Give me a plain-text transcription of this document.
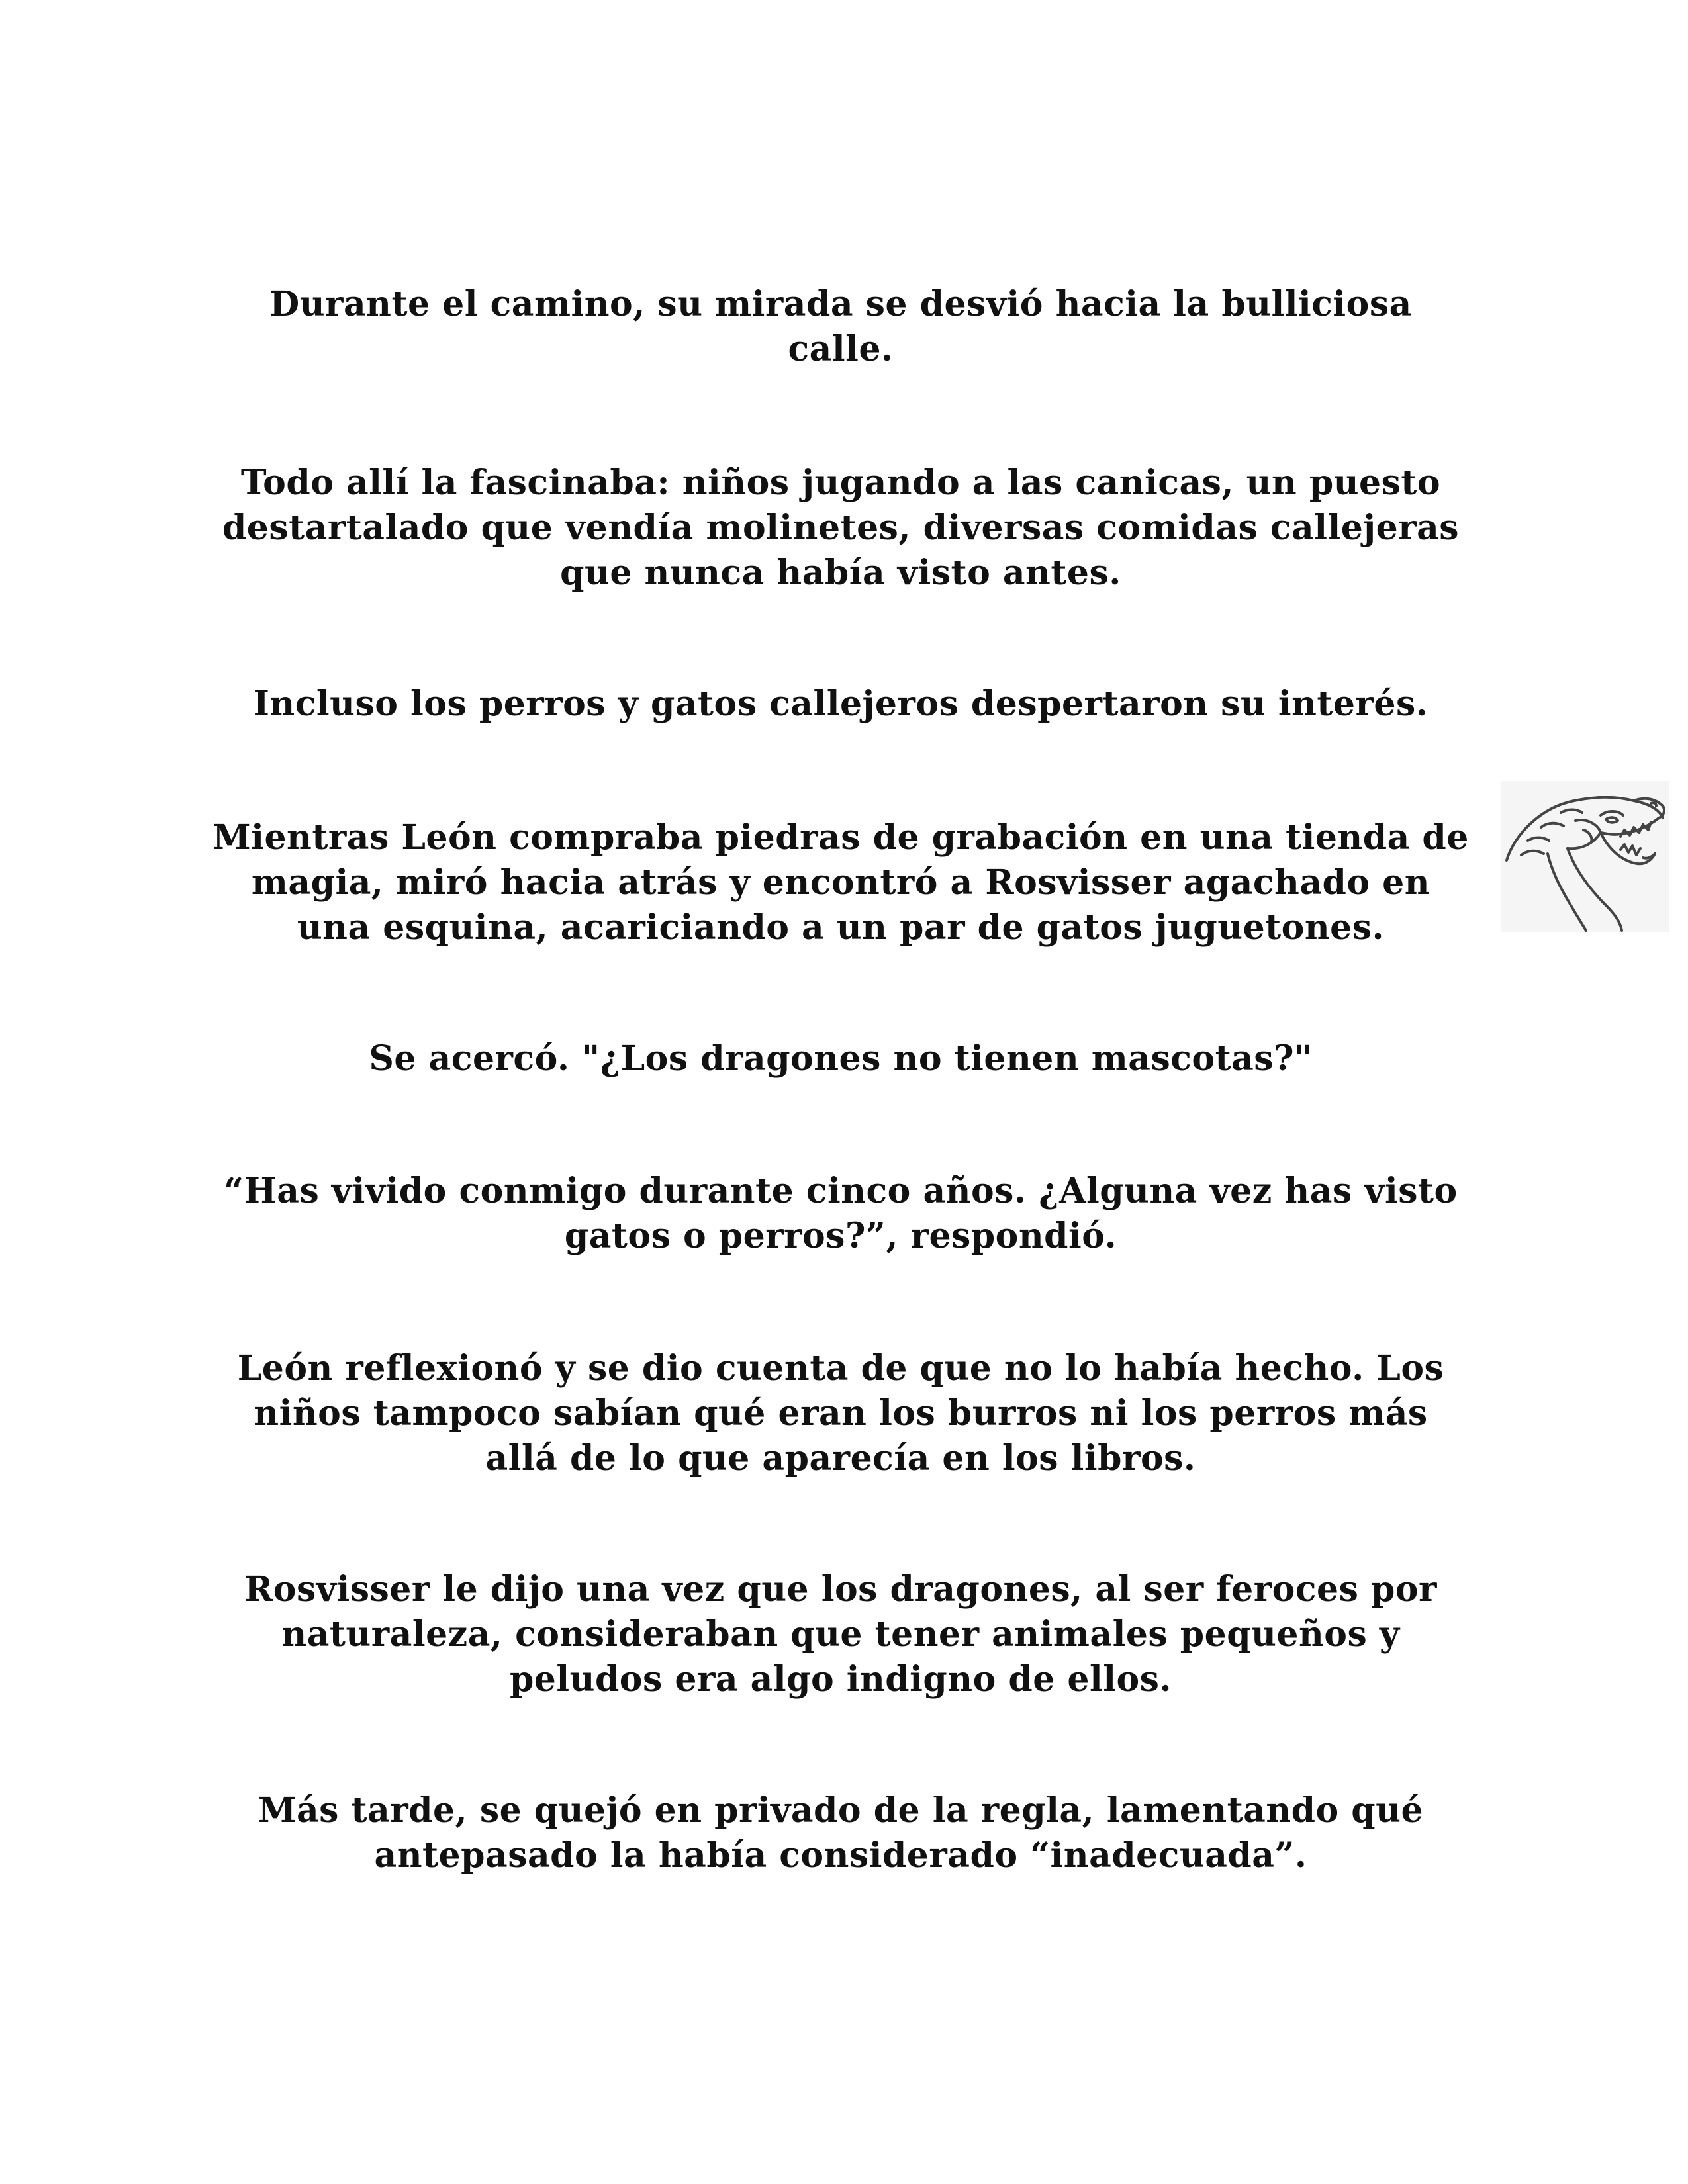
Durante el camino, su mirada se desvió hacia la bulliciosa calle.

Todo allí la fascinaba: niños jugando a las canicas, un puesto destartalado que vendía molinetes, diversas comidas callejeras que nunca había visto antes.

Incluso los perros y gatos callejeros despertaron su interés.

Mientras León compraba piedras de grabación en una tienda de magia, miró hacia atrás y encontró a Rosvisser agachado en una esquina, acariciando a un par de gatos juguetones.

Se acercó. "¿Los dragones no tienen mascotas?"

“Has vivido conmigo durante cinco años. ¿Alguna vez has visto gatos o perros?”, respondió.

León reflexionó y se dio cuenta de que no lo había hecho. Los niños tampoco sabían qué eran los burros ni los perros más allá de lo que aparecía en los libros.

Rosvisser le dijo una vez que los dragones, al ser feroces por naturaleza, consideraban que tener animales pequeños y peludos era algo indigno de ellos.

Más tarde, se quejó en privado de la regla, lamentando qué antepasado la había considerado “inadecuada”.
